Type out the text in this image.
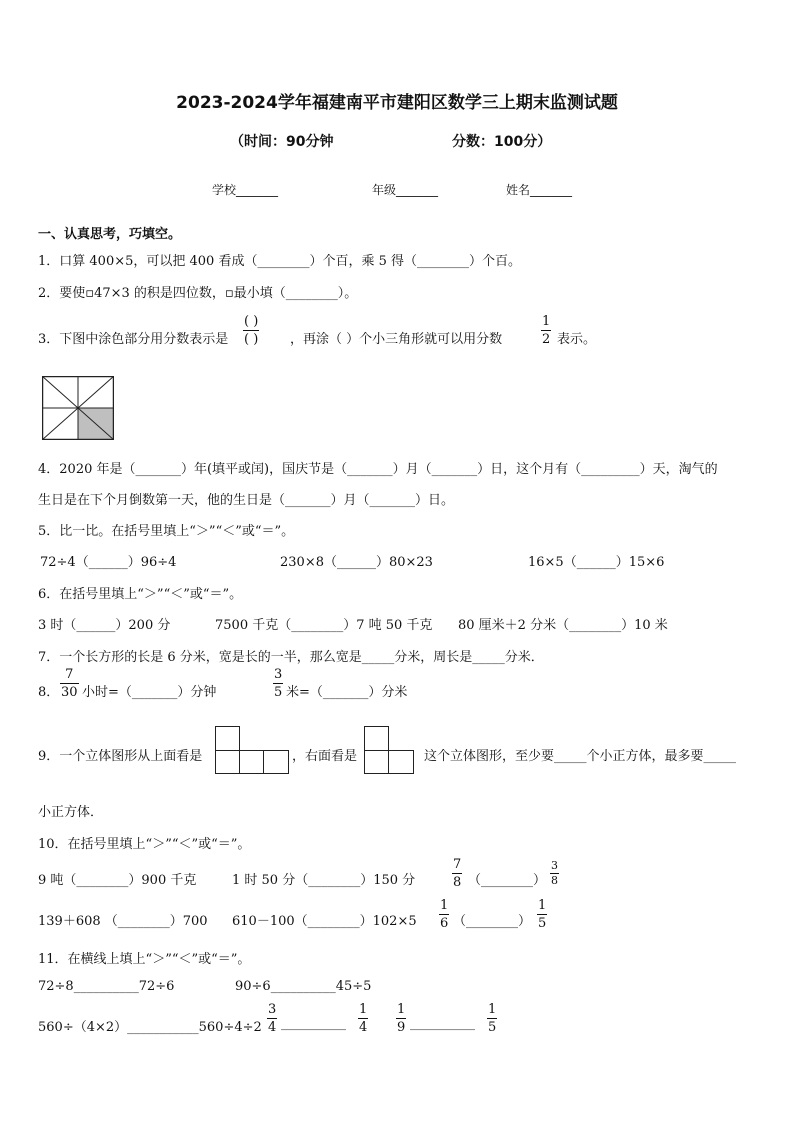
2023-2024学年福建南平市建阳区数学三上期末监测试题
（时间：90分钟	分数：100分）
学校_______	年级_______	姓名_______
一、认真思考，巧填空。
1．口算 400×5，可以把 400 看成（________）个百，乘 5 得（________）个百。
2．要使▫47×3 的积是四位数，▫最小填（________）。
3．下图中涂色部分用分数表示是
( )
( ) ，再涂（ ）个小三角形就可以用分数
1
2 表示。
4．2020 年是（_______）年(填平或闰)，国庆节是（_______）月（_______）日，这个月有（_________）天，淘气的
生日是在下个月倒数第一天，他的生日是（_______）月（_______）日。
5．比一比。在括号里填上“＞”“＜”或“＝”。
72÷4（______）96÷4	230×8（______）80×23	16×5（______）15×6
6．在括号里填上“＞”“＜”或“＝”。
3 时（______）200 分	7500 千克（________）7 吨 50 千克 80 厘米＋2 分米（________）10 米
7．一个长方形的长是 6 分米，宽是长的一半，那么宽是_____分米，周长是_____分米．
8．
7
30 小时=（_______）分钟
3
5 米=（_______）分米
9．一个立体图形从上面看是	，右面看是	这个立体图形，至少要_____个小正方体，最多要_____
小正方体．
10．在括号里填上“＞”“＜”或“＝”。
9 吨（________）900 千克	1 时 50 分（________）150 分
7
8 （________）
3
8
139＋608 （________）700 610－100（________）102×5
1
6 （________）
1
5
11．在横线上填上“＞”“＜”或“＝”。
72÷8__________72÷6	90÷6__________45÷5
560÷（4×2）___________560÷4÷2
3
4 __________
1
4
1
9 __________
1
5
